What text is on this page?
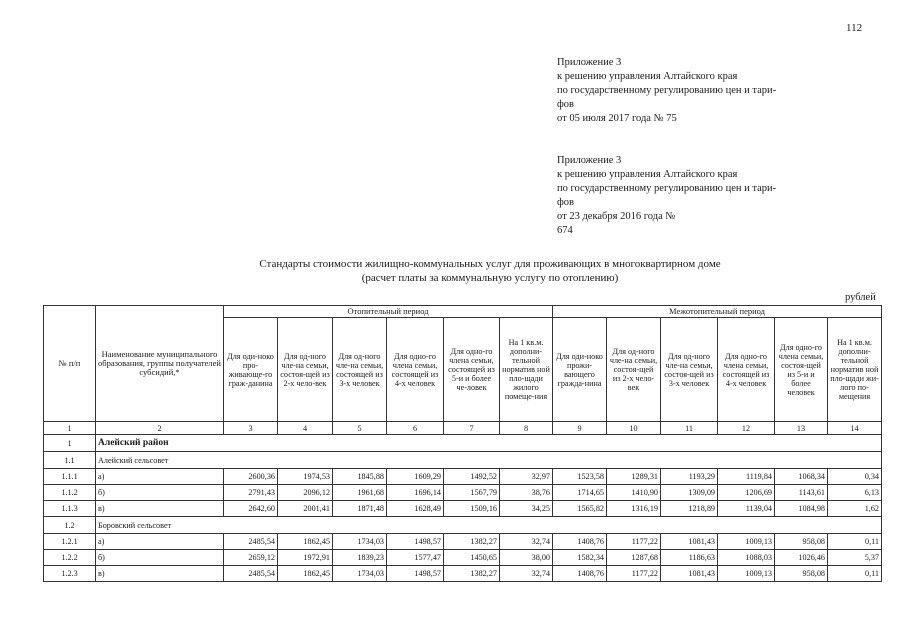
112
Приложение 3
к решению управления Алтайского края
по государственному регулированию цен и тари-
фов
от 05 июля 2017 года № 75
Приложение 3
к решению управления Алтайского края
по государственному регулированию цен и тари-
фов
от 23 декабря 2016 года №
674
Стандарты стоимости жилищно-коммунальных услуг для проживающих в многоквартирном доме
(расчет платы за коммунальную услугу по отоплению)
рублей
№ п/п	Наименование муниципального образования, группы получателей субсидий,*	Отопительный период						Межотопительный период					
		Для оди-ноко про-живающе-го граж-данина	Для од-ного чле-на семьи, состоя-щей из 2-х чело-век	Для од-ного чле-на семьи, состоящей из 3-х человек	Для одно-го члена семьи, состоящей из 4-х человек	Для одно-го члена семьи, состоящей из 5-и и более че-ловек	На 1 кв.м. дополни-тельной норматив ной пло-щади жилого помеще-ния	Для оди-ноко прожи-вающего гражда-нина	Для од-ного чле-на семьи, состоя-щей из 2-х чело-век	Для од-ного чле-на семьи, состоя-щей из 3-х человек	Для одно-го члена семьи, состоящей из 4-х человек	Для одно-го члена семьи, состоя-щей из 5-и и более человек	На 1 кв.м. дополни-тельной норматив ной пло-щади жи-лого по-мещения
1	2	3	4	5	6	7	8	9	10	11	12	13	14
1	Алейский район												
1.1	Алейский сельсовет												
1.1.1	а)	2600,36	1974,53	1845,88	1609,29	1492,52	32,97	1523,58	1289,31	1193,29	1119,84	1068,34	0,34
1.1.2	б)	2791,43	2096,12	1961,68	1696,14	1567,79	38,76	1714,65	1410,90	1309,09	1206,69	1143,61	6,13
1.1.3	в)	2642,60	2001,41	1871,48	1628,49	1509,16	34,25	1565,82	1316,19	1218,89	1139,04	1084,98	1,62
1.2	Боровский сельсовет												
1.2.1	а)	2485,54	1862,45	1734,03	1498,57	1382,27	32,74	1408,76	1177,22	1081,43	1009,13	958,08	0,11
1.2.2	б)	2659,12	1972,91	1839,23	1577,47	1450,65	38,00	1582,34	1287,68	1186,63	1088,03	1026,46	5,37
1.2.3	в)	2485,54	1862,45	1734,03	1498,57	1382,27	32,74	1408,76	1177,22	1081,43	1009,13	958,08	0,11
